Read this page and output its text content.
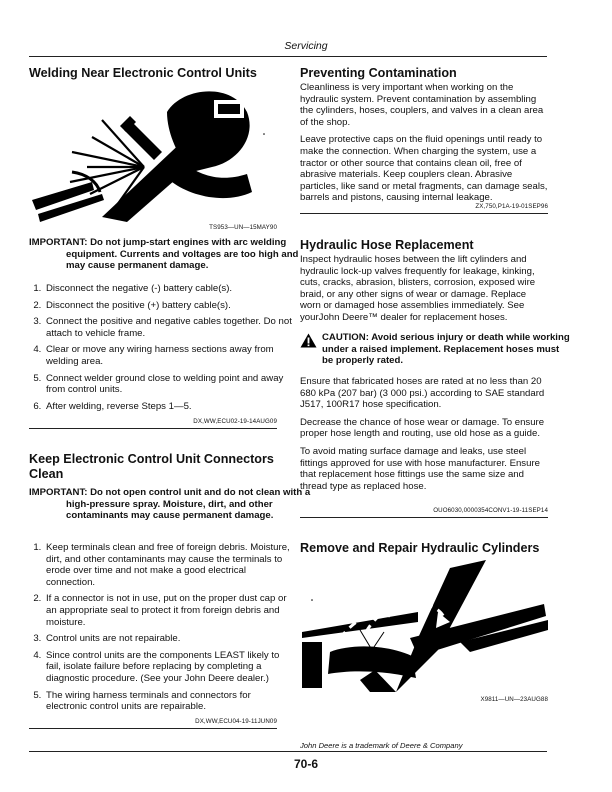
Servicing
Welding Near Electronic Control Units
TS953—UN—15MAY90
IMPORTANT: Do not jump-start engines with arc welding equipment. Currents and voltages are too high and may cause permanent damage.
1. Disconnect the negative (-) battery cable(s).
2. Disconnect the positive (+) battery cable(s).
3. Connect the positive and negative cables together. Do not attach to vehicle frame.
4. Clear or move any wiring harness sections away from welding area.
5. Connect welder ground close to welding point and away from control units.
6. After welding, reverse Steps 1—5.
DX,WW,ECU02-19-14AUG09
Keep Electronic Control Unit Connectors Clean
IMPORTANT: Do not open control unit and do not clean with a high-pressure spray. Moisture, dirt, and other contaminants may cause permanent damage.
1. Keep terminals clean and free of foreign debris. Moisture, dirt, and other contaminants may cause the terminals to erode over time and not make a good electrical connection.
2. If a connector is not in use, put on the proper dust cap or an appropriate seal to protect it from foreign debris and moisture.
3. Control units are not repairable.
4. Since control units are the components LEAST likely to fail, isolate failure before replacing by completing a diagnostic procedure. (See your John Deere dealer.)
5. The wiring harness terminals and connectors for electronic control units are repairable.
DX,WW,ECU04-19-11JUN09
Preventing Contamination

Cleanliness is very important when working on the hydraulic system. Prevent contamination by assembling the cylinders, hoses, couplers, and valves in a clean area of the shop.

Leave protective caps on the fluid openings until ready to make the connection. When charging the system, use a tractor or other source that contains clean oil, free of abrasive materials. Keep couplers clean. Abrasive particles, like sand or metal fragments, can damage seals, barrels and pistons, causing internal leakage.

ZX,750,P1A-19-01SEP96
Hydraulic Hose Replacement

Inspect hydraulic hoses between the lift cylinders and hydraulic lock-up valves frequently for leakage, kinking, cuts, cracks, abrasion, blisters, corrosion, exposed wire braid, or any other signs of wear or damage. Replace worn or damaged hose assemblies immediately. See yourJohn Deere™ dealer for replacement hoses.

CAUTION: Avoid serious injury or death while working under a raised implement. Replacement hoses must be properly rated.

Ensure that fabricated hoses are rated at no less than 20 680 kPa (207 bar) (3 000 psi.) according to SAE standard J517, 100R17 hose specification.

Decrease the chance of hose wear or damage. To ensure proper hose length and routing, use old hose as a guide.

To avoid mating surface damage and leaks, use steel fittings approved for use with hose manufacturer. Ensure that replacement hose fittings use the same size and thread type as replaced hose.

OUO6030,0000354CONV1-19-11SEP14
Remove and Repair Hydraulic Cylinders
X9811—UN—23AUG88
John Deere is a trademark of Deere & Company
70-6
